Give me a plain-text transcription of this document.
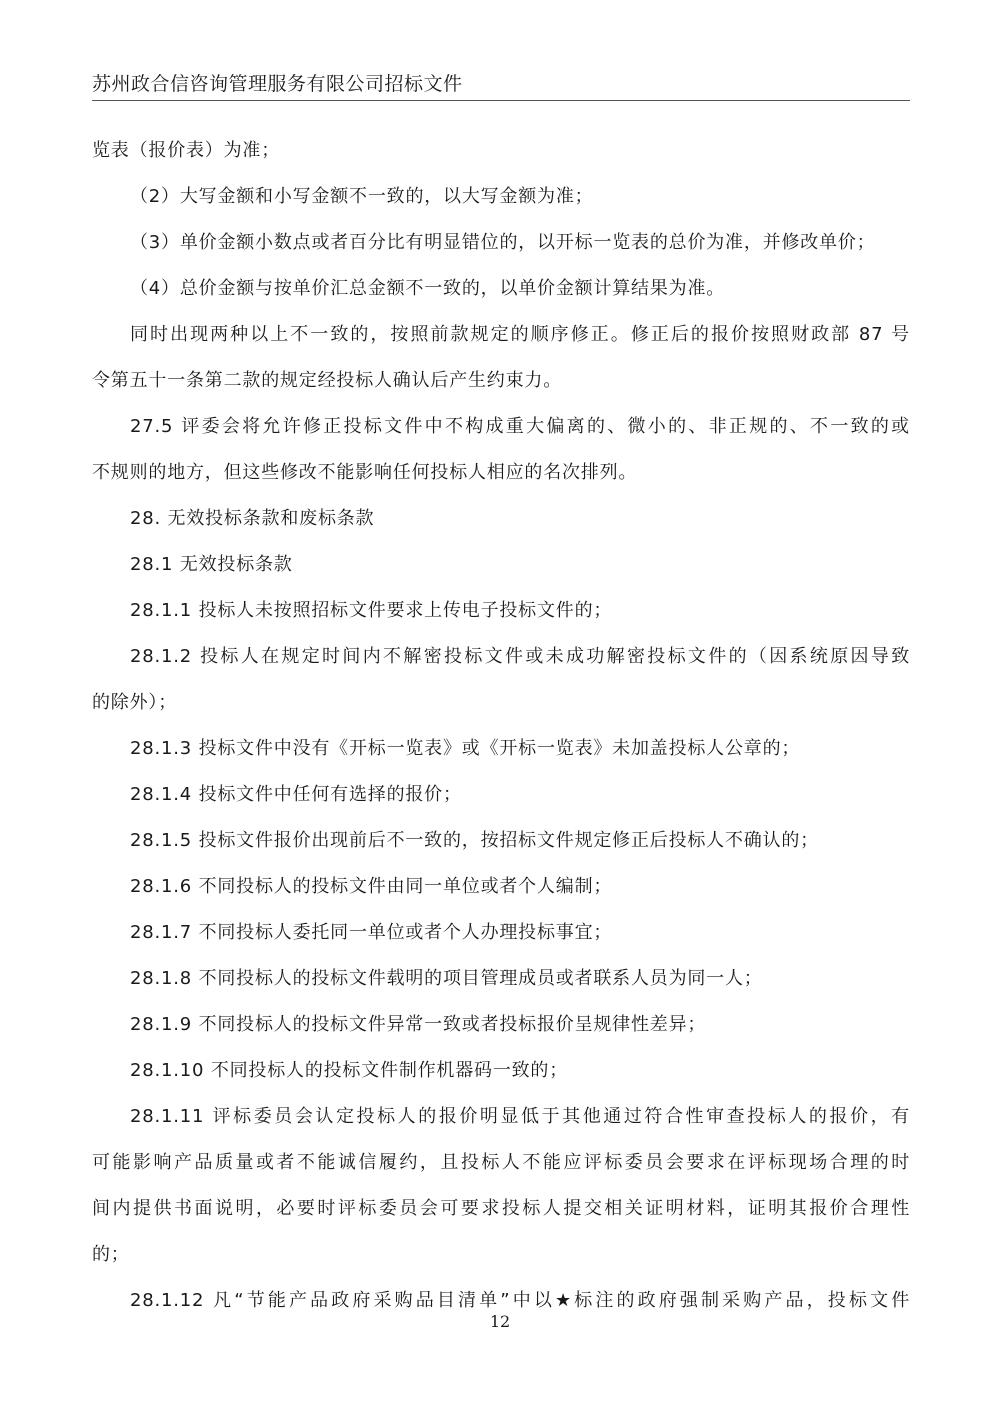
苏州政合信咨询管理服务有限公司招标文件
览表（报价表）为准；
（2）大写金额和小写金额不一致的，以大写金额为准；
（3）单价金额小数点或者百分比有明显错位的，以开标一览表的总价为准，并修改单价；
（4）总价金额与按单价汇总金额不一致的，以单价金额计算结果为准。
同时出现两种以上不一致的，按照前款规定的顺序修正。修正后的报价按照财政部 87 号
令第五十一条第二款的规定经投标人确认后产生约束力。
27.5 评委会将允许修正投标文件中不构成重大偏离的、微小的、非正规的、不一致的或
不规则的地方，但这些修改不能影响任何投标人相应的名次排列。
28. 无效投标条款和废标条款
28.1 无效投标条款
28.1.1 投标人未按照招标文件要求上传电子投标文件的；
28.1.2 投标人在规定时间内不解密投标文件或未成功解密投标文件的（因系统原因导致
的除外）；
28.1.3 投标文件中没有《开标一览表》或《开标一览表》未加盖投标人公章的；
28.1.4 投标文件中任何有选择的报价；
28.1.5 投标文件报价出现前后不一致的，按招标文件规定修正后投标人不确认的；
28.1.6 不同投标人的投标文件由同一单位或者个人编制；
28.1.7 不同投标人委托同一单位或者个人办理投标事宜；
28.1.8 不同投标人的投标文件载明的项目管理成员或者联系人员为同一人；
28.1.9 不同投标人的投标文件异常一致或者投标报价呈规律性差异；
28.1.10 不同投标人的投标文件制作机器码一致的；
28.1.11 评标委员会认定投标人的报价明显低于其他通过符合性审查投标人的报价，有
可能影响产品质量或者不能诚信履约，且投标人不能应评标委员会要求在评标现场合理的时
间内提供书面说明，必要时评标委员会可要求投标人提交相关证明材料，证明其报价合理性
的；
28.1.12 凡“节能产品政府采购品目清单”中以★标注的政府强制采购产品，投标文件
12
